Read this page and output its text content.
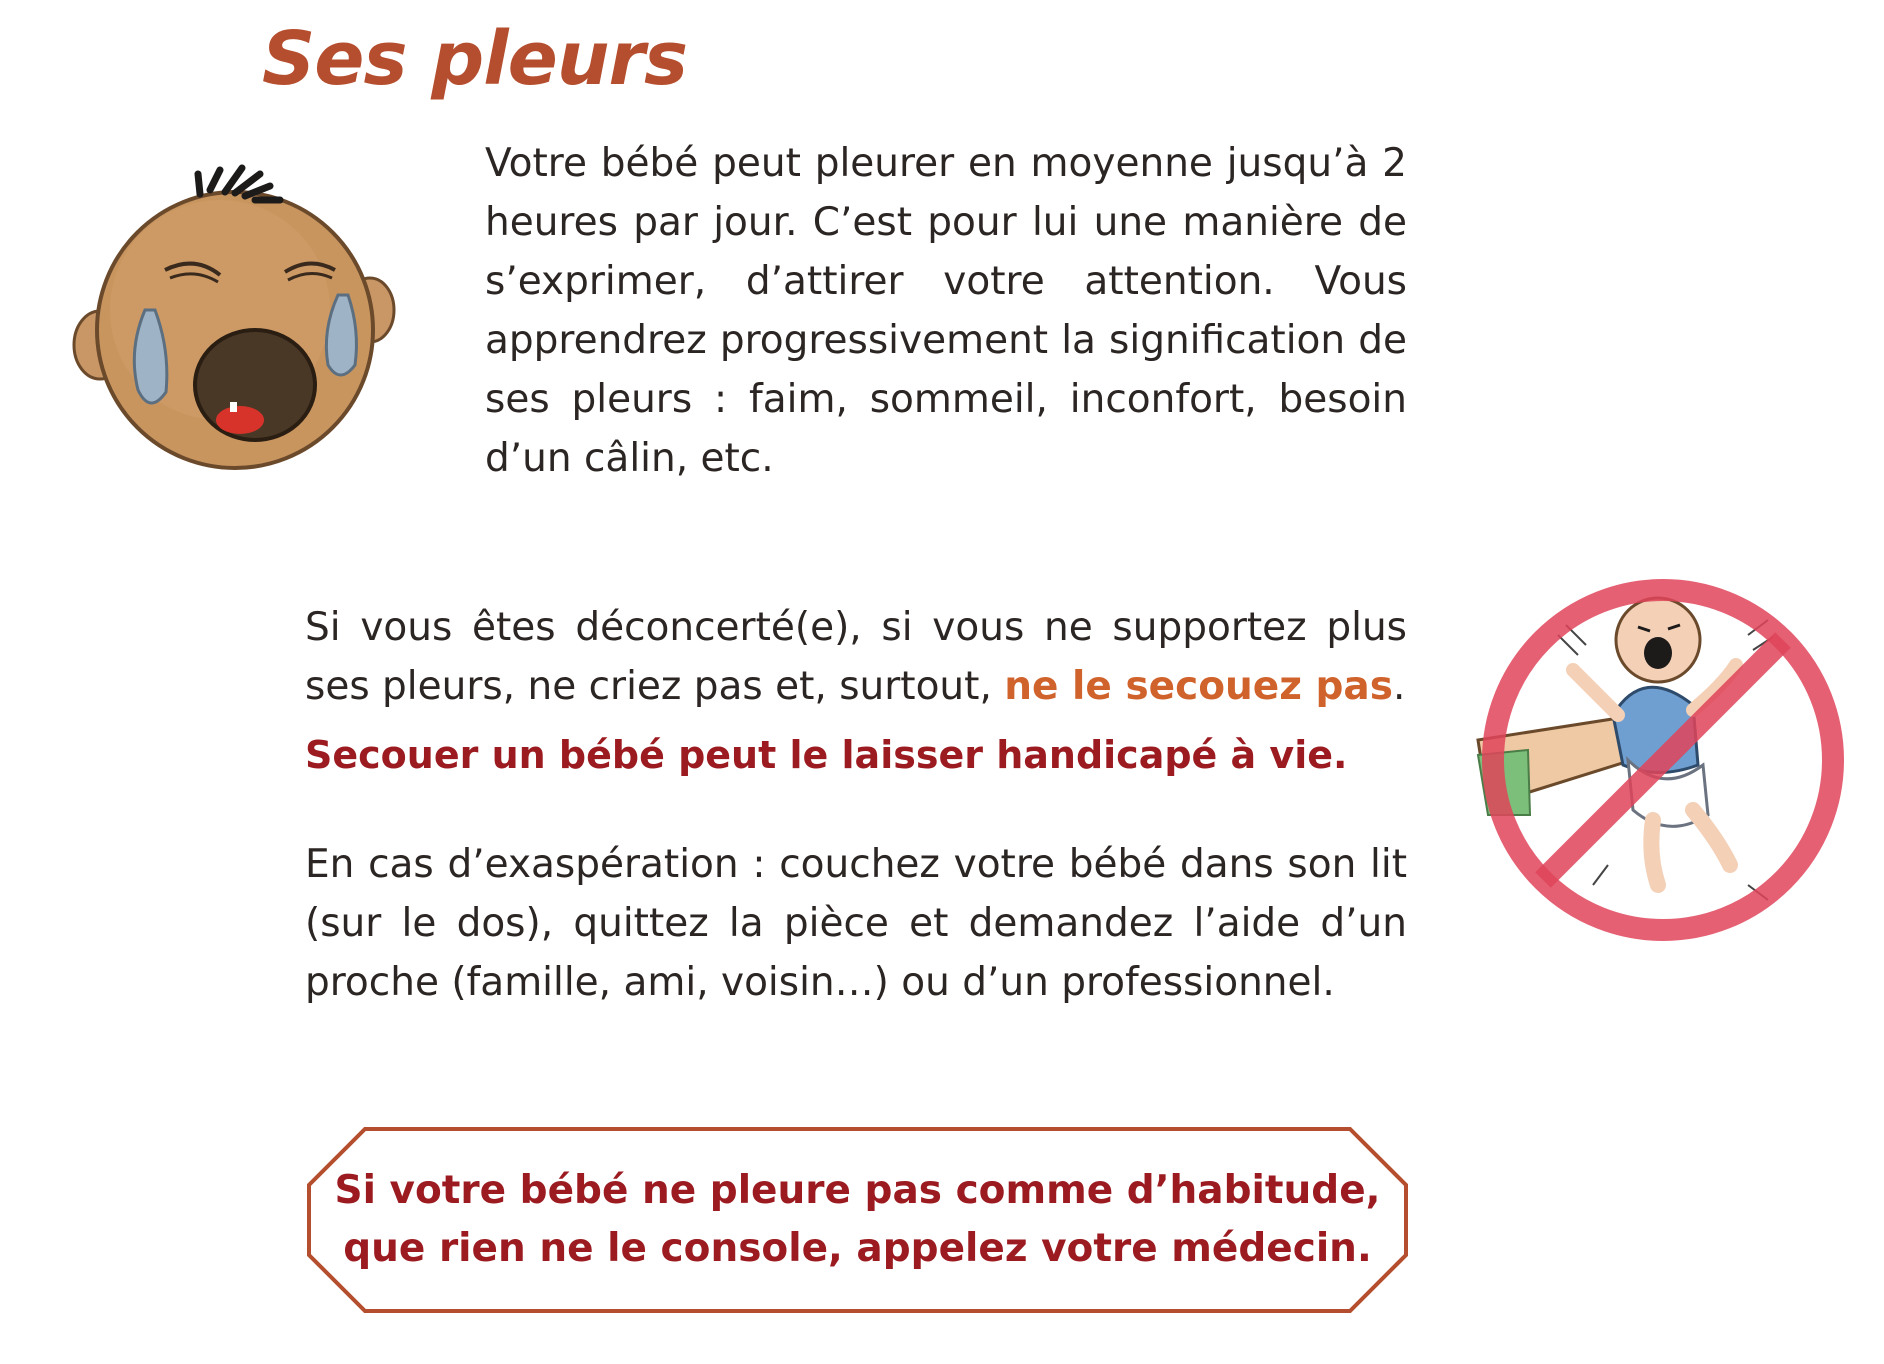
Ses pleurs

Votre bébé peut pleurer en moyenne jusqu’à 2 heures par jour. C’est pour lui une manière de s’exprimer, d’attirer votre attention. Vous apprendrez progressivement la signification de ses pleurs : faim, sommeil, inconfort, besoin d’un câlin, etc.

Si vous êtes déconcerté(e), si vous ne supportez plus ses pleurs, ne criez pas et, surtout, ne le secouez pas.

Secouer un bébé peut le laisser handicapé à vie.

En cas d’exaspération : couchez votre bébé dans son lit (sur le dos), quittez la pièce et demandez l’aide d’un proche (famille, ami, voisin…) ou d’un professionnel.

Si votre bébé ne pleure pas comme d’habitude,
que rien ne le console, appelez votre médecin.
